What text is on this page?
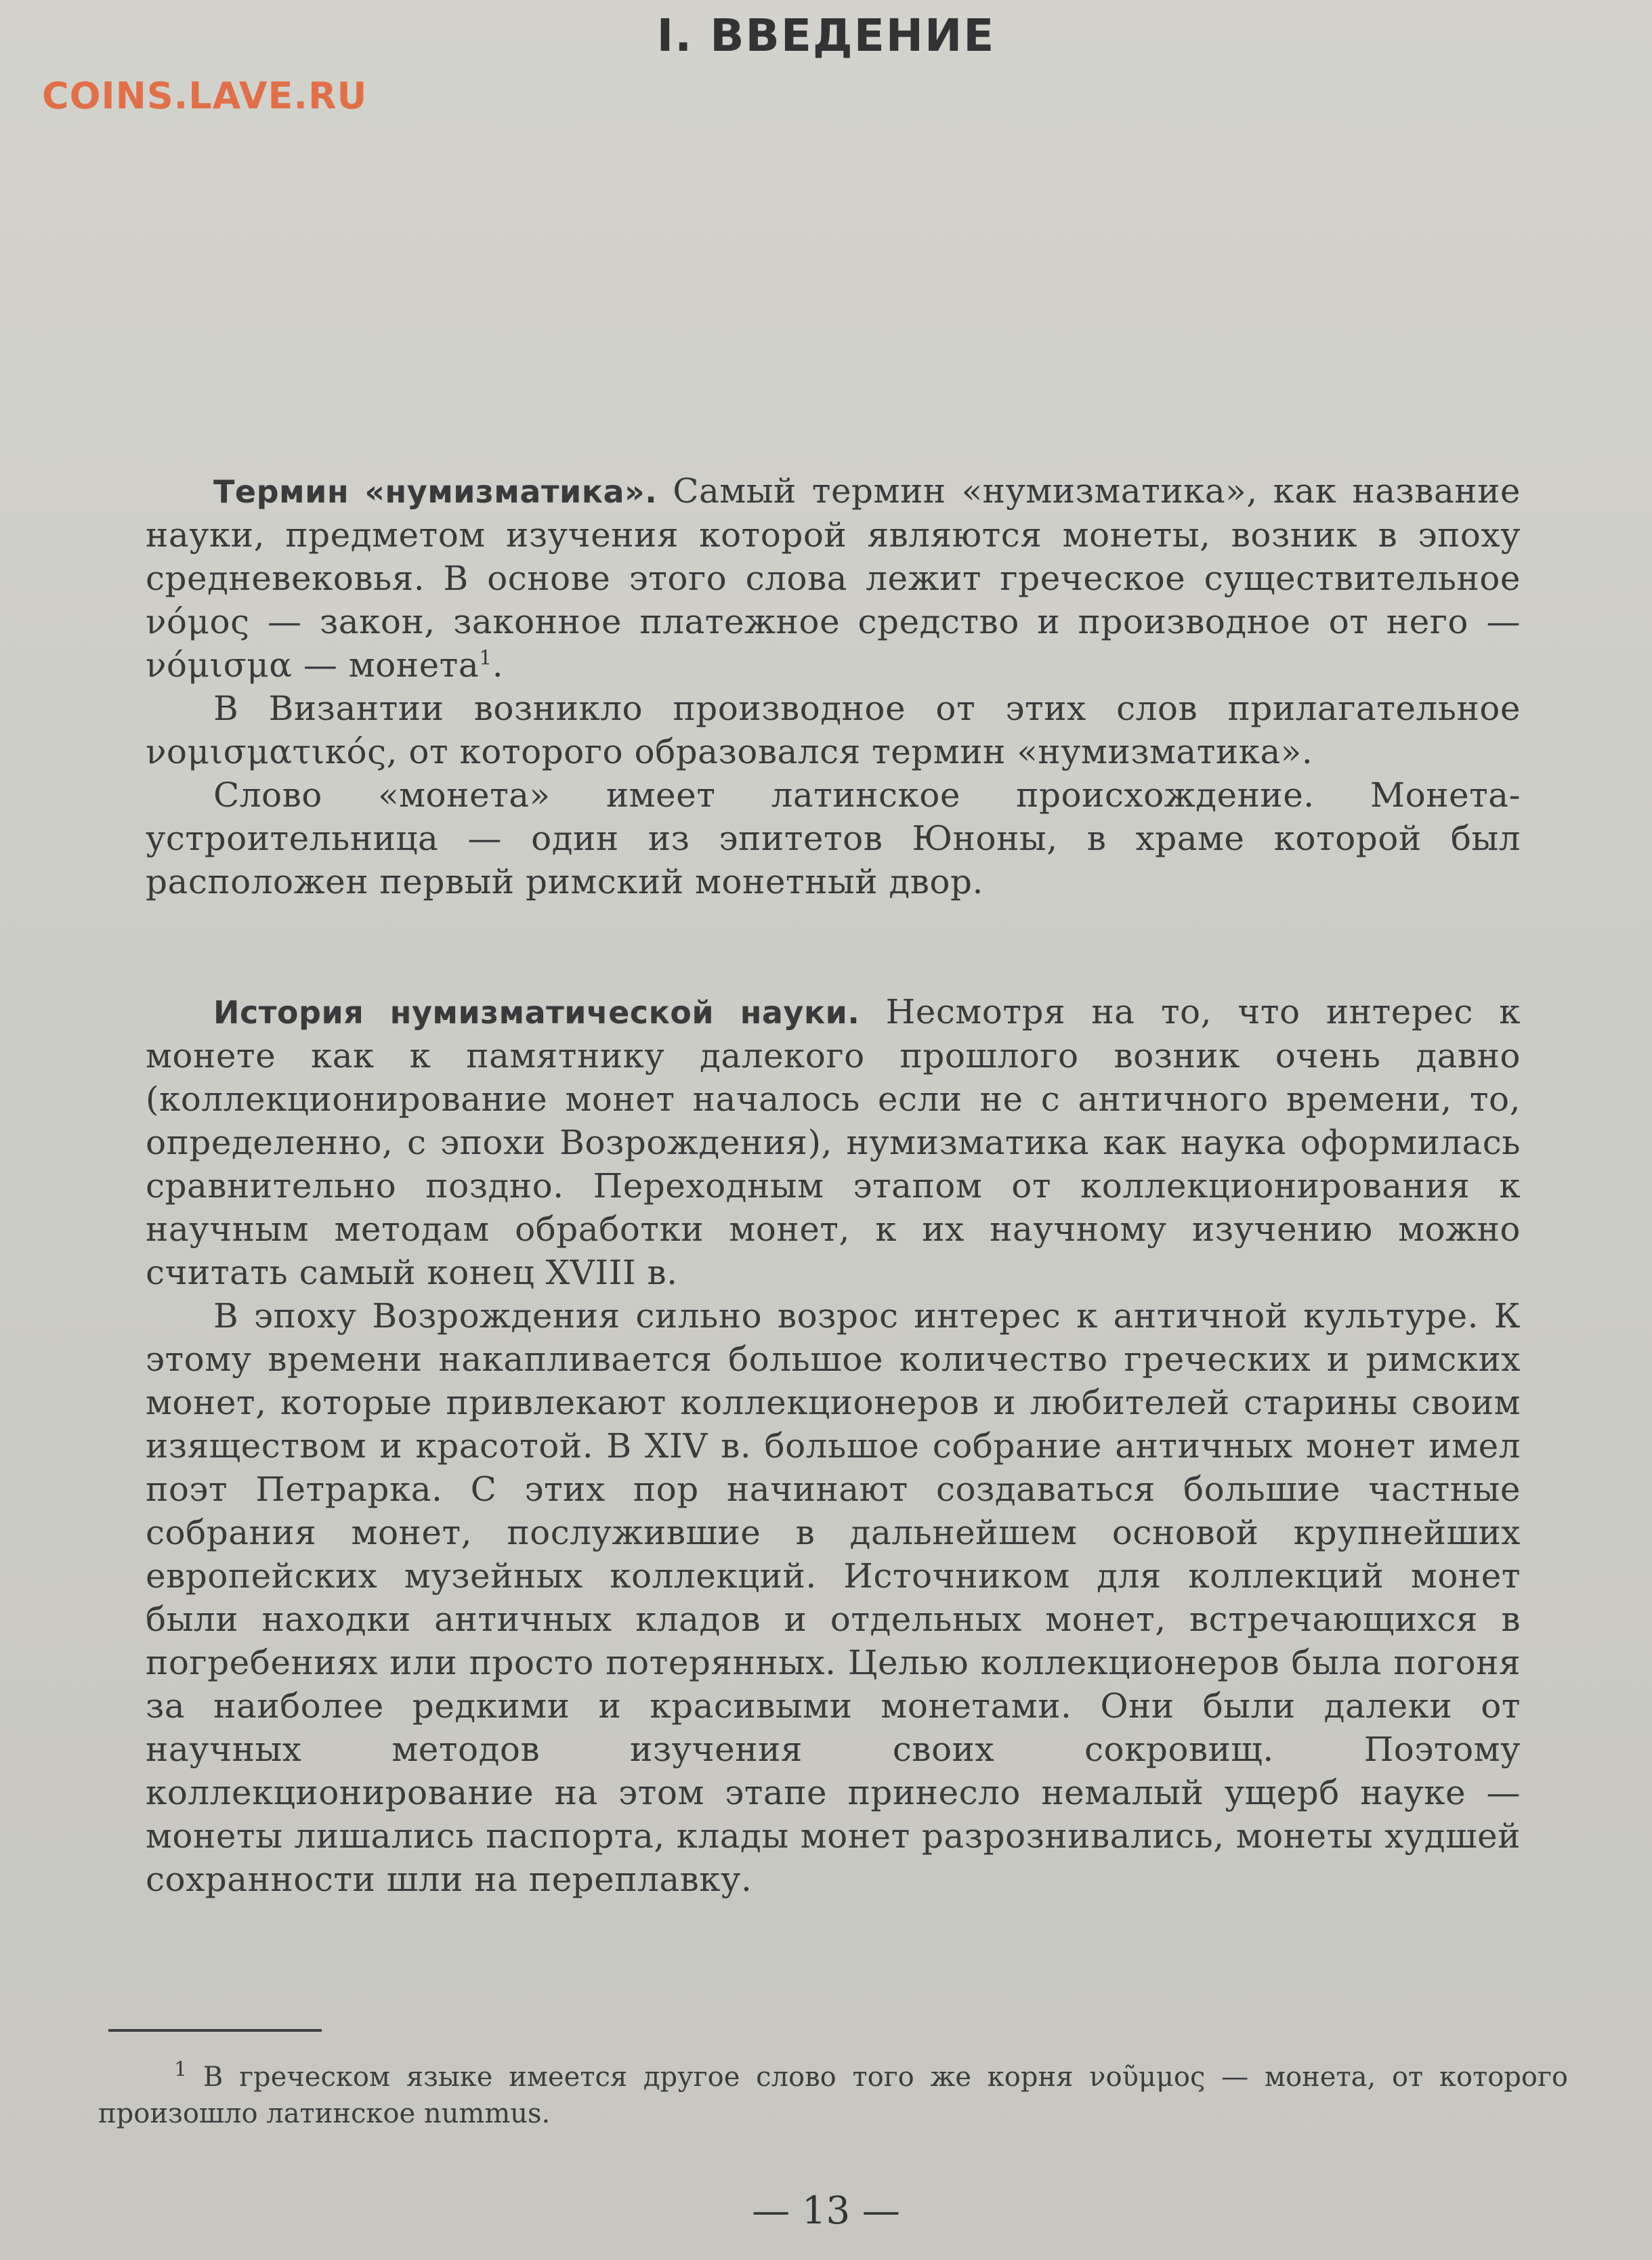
COINS.LAVE.RU
I. ВВЕДЕНИЕ

Термин «нумизматика». Самый термин «нумизматика», как название науки, предметом изучения которой являются монеты, возник в эпоху средневековья. В основе этого слова лежит греческое существительное νόμος — закон, законное платежное средство и производное от него — νόμισμα — монета$^1$.

В Византии возникло производное от этих слов прилагательное νομισματικός, от которого образовался термин «нумизматика».

Слово «монета» имеет латинское происхождение. Монета-устроительница — один из эпитетов Юноны, в храме которой был расположен первый римский монетный двор.

История нумизматической науки. Несмотря на то, что интерес к монете как к памятнику далекого прошлого возник очень давно (коллекционирование монет началось если не с античного времени, то, определенно, с эпохи Возрождения), нумизматика как наука оформилась сравнительно поздно. Переходным этапом от коллекционирования к научным методам обработки монет, к их научному изучению можно считать самый конец XVIII в.

В эпоху Возрождения сильно возрос интерес к античной культуре. К этому времени накапливается большое количество греческих и римских монет, которые привлекают коллекционеров и любителей старины своим изяществом и красотой. В XIV в. большое собрание античных монет имел поэт Петрарка. С этих пор начинают создаваться большие частные собрания монет, послужившие в дальнейшем основой крупнейших европейских музейных коллекций. Источником для коллекций монет были находки античных кладов и отдельных монет, встречающихся в погребениях или просто потерянных. Целью коллекционеров была погоня за наиболее редкими и красивыми монетами. Они были далеки от научных методов изучения своих сокровищ. Поэтому коллекционирование на этом этапе принесло немалый ущерб науке — монеты лишались паспорта, клады монет разрознивались, монеты худшей сохранности шли на переплавку.

$^1$ В греческом языке имеется другое слово того же корня νοῦμμος — монета, от которого произошло латинское nummus.

— 13 —
